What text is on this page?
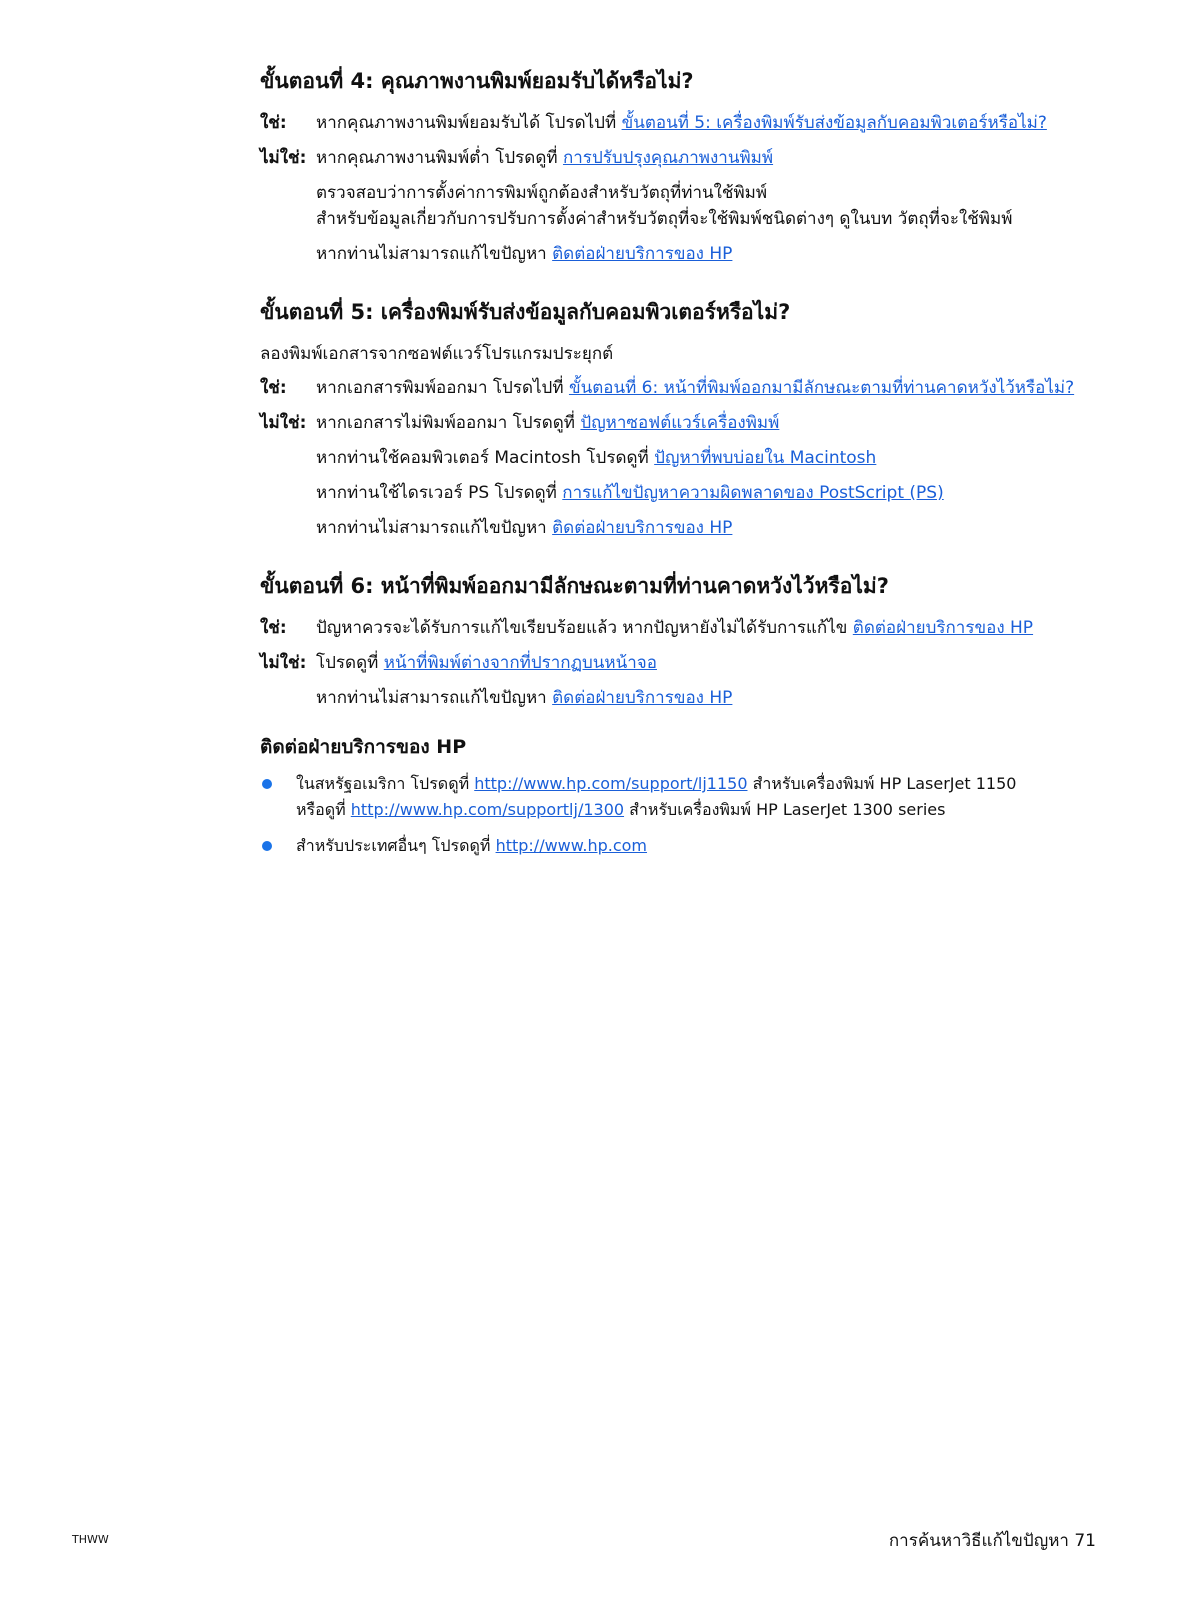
ขั้นตอนที่ 4: คุณภาพงานพิมพ์ยอมรับได้หรือไม่?
ใช่:	หากคุณภาพงานพิมพ์ยอมรับได้ โปรดไปที่ ขั้นตอนที่ 5: เครื่องพิมพ์รับส่งข้อมูลกับคอมพิวเตอร์หรือไม่?
ไม่ใช่: หากคุณภาพงานพิมพ์ต่ำ โปรดดูที่ การปรับปรุงคุณภาพงานพิมพ์
ตรวจสอบว่าการตั้งค่าการพิมพ์ถูกต้องสำหรับวัตถุที่ท่านใช้พิมพ์
สำหรับข้อมูลเกี่ยวกับการปรับการตั้งค่าสำหรับวัตถุที่จะใช้พิมพ์ชนิดต่างๆ ดูในบท วัตถุที่จะใช้พิมพ์
หากท่านไม่สามารถแก้ไขปัญหา ติดต่อฝ่ายบริการของ HP
ขั้นตอนที่ 5: เครื่องพิมพ์รับส่งข้อมูลกับคอมพิวเตอร์หรือไม่?
ลองพิมพ์เอกสารจากซอฟต์แวร์โปรแกรมประยุกต์
ใช่:	หากเอกสารพิมพ์ออกมา โปรดไปที่ ขั้นตอนที่ 6: หน้าที่พิมพ์ออกมามีลักษณะตามที่ท่านคาดหวังไว้หรือไม่?
ไม่ใช่: หากเอกสารไม่พิมพ์ออกมา โปรดดูที่ ปัญหาซอฟต์แวร์เครื่องพิมพ์
หากท่านใช้คอมพิวเตอร์ Macintosh โปรดดูที่ ปัญหาที่พบบ่อยใน Macintosh
หากท่านใช้ไดรเวอร์ PS โปรดดูที่ การแก้ไขปัญหาความผิดพลาดของ PostScript (PS)
หากท่านไม่สามารถแก้ไขปัญหา ติดต่อฝ่ายบริการของ HP
ขั้นตอนที่ 6: หน้าที่พิมพ์ออกมามีลักษณะตามที่ท่านคาดหวังไว้หรือไม่?
ใช่:	ปัญหาควรจะได้รับการแก้ไขเรียบร้อยแล้ว หากปัญหายังไม่ได้รับการแก้ไข ติดต่อฝ่ายบริการของ HP
ไม่ใช่: โปรดดูที่ หน้าที่พิมพ์ต่างจากที่ปรากฏบนหน้าจอ
หากท่านไม่สามารถแก้ไขปัญหา ติดต่อฝ่ายบริการของ HP
ติดต่อฝ่ายบริการของ HP
ในสหรัฐอเมริกา โปรดดูที่ http://www.hp.com/support/lj1150 สำหรับเครื่องพิมพ์ HP LaserJet 1150
หรือดูที่ http://www.hp.com/supportlj/1300 สำหรับเครื่องพิมพ์ HP LaserJet 1300 series
สำหรับประเทศอื่นๆ โปรดดูที่ http://www.hp.com
THWW	การค้นหาวิธีแก้ไขปัญหา 71
